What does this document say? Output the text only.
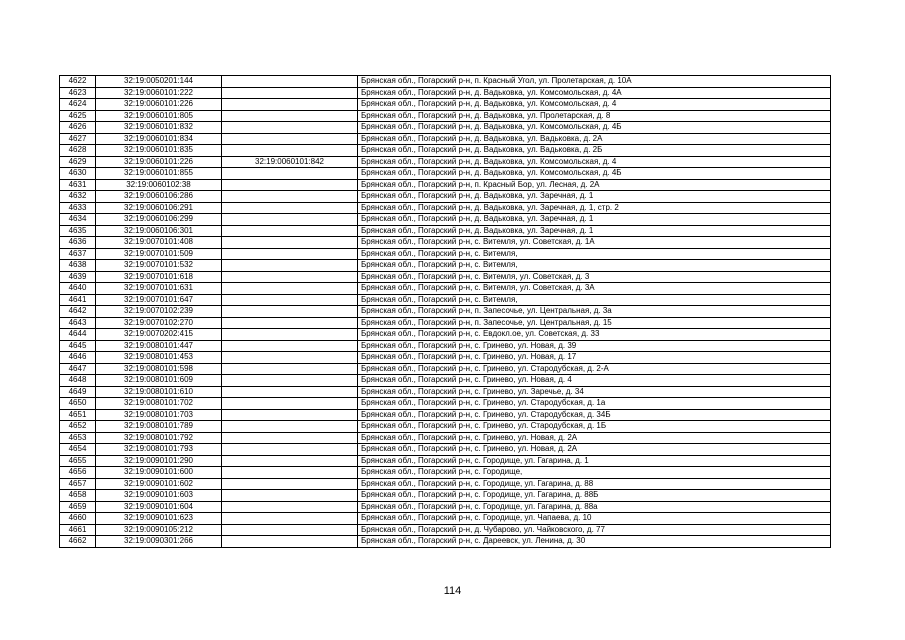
4622	32:19:0050201:144		Брянская обл., Погарский р-н, п. Красный Угол, ул. Пролетарская, д. 10А
4623	32:19:0060101:222		Брянская обл., Погарский р-н, д. Вадьковка, ул. Комсомольская, д. 4А
4624	32:19:0060101:226		Брянская обл., Погарский р-н, д. Вадьковка, ул. Комсомольская, д. 4
4625	32:19:0060101:805		Брянская обл., Погарский р-н, д. Вадьковка, ул. Пролетарская, д. 8
4626	32:19:0060101:832		Брянская обл., Погарский р-н, д. Вадьковка, ул. Комсомольская, д. 4Б
4627	32:19:0060101:834		Брянская обл., Погарский р-н, д. Вадьковка, ул. Вадьковка, д. 2А
4628	32:19:0060101:835		Брянская обл., Погарский р-н, д. Вадьковка, ул. Вадьковка, д. 2Б
4629	32:19:0060101:226	32:19:0060101:842	Брянская обл., Погарский р-н, д. Вадьковка, ул. Комсомольская, д. 4
4630	32:19:0060101:855		Брянская обл., Погарский р-н, д. Вадьковка, ул. Комсомольская, д. 4Б
4631	32:19:0060102:38		Брянская обл., Погарский р-н, п. Красный Бор, ул. Лесная, д. 2А
4632	32:19:0060106:286		Брянская обл., Погарский р-н, д. Вадьковка, ул. Заречная, д. 1
4633	32:19:0060106:291		Брянская обл., Погарский р-н, д. Вадьковка, ул. Заречная, д. 1, стр. 2
4634	32:19:0060106:299		Брянская обл., Погарский р-н, д. Вадьковка, ул. Заречная, д. 1
4635	32:19:0060106:301		Брянская обл., Погарский р-н, д. Вадьковка, ул. Заречная, д. 1
4636	32:19:0070101:408		Брянская обл., Погарский р-н, с. Витемля, ул. Советская, д. 1А
4637	32:19:0070101:509		Брянская обл., Погарский р-н, с. Витемля,
4638	32:19:0070101:532		Брянская обл., Погарский р-н, с. Витемля,
4639	32:19:0070101:618		Брянская обл., Погарский р-н, с. Витемля, ул. Советская, д. 3
4640	32:19:0070101:631		Брянская обл., Погарский р-н, с. Витемля, ул. Советская, д. 3А
4641	32:19:0070101:647		Брянская обл., Погарский р-н, с. Витемля,
4642	32:19:0070102:239		Брянская обл., Погарский р-н, п. Запесочье, ул. Центральная, д. 3а
4643	32:19:0070102:270		Брянская обл., Погарский р-н, п. Запесочье, ул. Центральная, д. 15
4644	32:19:0070202:415		Брянская обл., Погарский р-н, с. Евдокл.ое, ул. Советская, д. 33
4645	32:19:0080101:447		Брянская обл., Погарский р-н, с. Гринево, ул. Новая, д. 39
4646	32:19:0080101:453		Брянская обл., Погарский р-н, с. Гринево, ул. Новая, д. 17
4647	32:19:0080101:598		Брянская обл., Погарский р-н, с. Гринево, ул. Стародубская, д. 2-А
4648	32:19:0080101:609		Брянская обл., Погарский р-н, с. Гринево, ул. Новая, д. 4
4649	32:19:0080101:610		Брянская обл., Погарский р-н, с. Гринево, ул. Заречье, д. 34
4650	32:19:0080101:702		Брянская обл., Погарский р-н, с. Гринево, ул. Стародубская, д. 1а
4651	32:19:0080101:703		Брянская обл., Погарский р-н, с. Гринево, ул. Стародубская, д. 34Б
4652	32:19:0080101:789		Брянская обл., Погарский р-н, с. Гринево, ул. Стародубская, д. 1Б
4653	32:19:0080101:792		Брянская обл., Погарский р-н, с. Гринево, ул. Новая, д. 2А
4654	32:19:0080101:793		Брянская обл., Погарский р-н, с. Гринево, ул. Новая, д. 2А
4655	32:19:0090101:290		Брянская обл., Погарский р-н, с. Городище, ул. Гагарина, д. 1
4656	32:19:0090101:600		Брянская обл., Погарский р-н, с. Городище,
4657	32:19:0090101:602		Брянская обл., Погарский р-н, с. Городище, ул. Гагарина, д. 88
4658	32:19:0090101:603		Брянская обл., Погарский р-н, с. Городище, ул. Гагарина, д. 88Б
4659	32:19:0090101:604		Брянская обл., Погарский р-н, с. Городище, ул. Гагарина, д. 88а
4660	32:19:0090101:623		Брянская обл., Погарский р-н, с. Городище, ул. Чапаева, д. 10
4661	32:19:0090105:212		Брянская обл., Погарский р-н, д. Чубарово, ул. Чайковского, д. 77
4662	32:19:0090301:266		Брянская обл., Погарский р-н, с. Дареевск, ул. Ленина, д. 30
114
